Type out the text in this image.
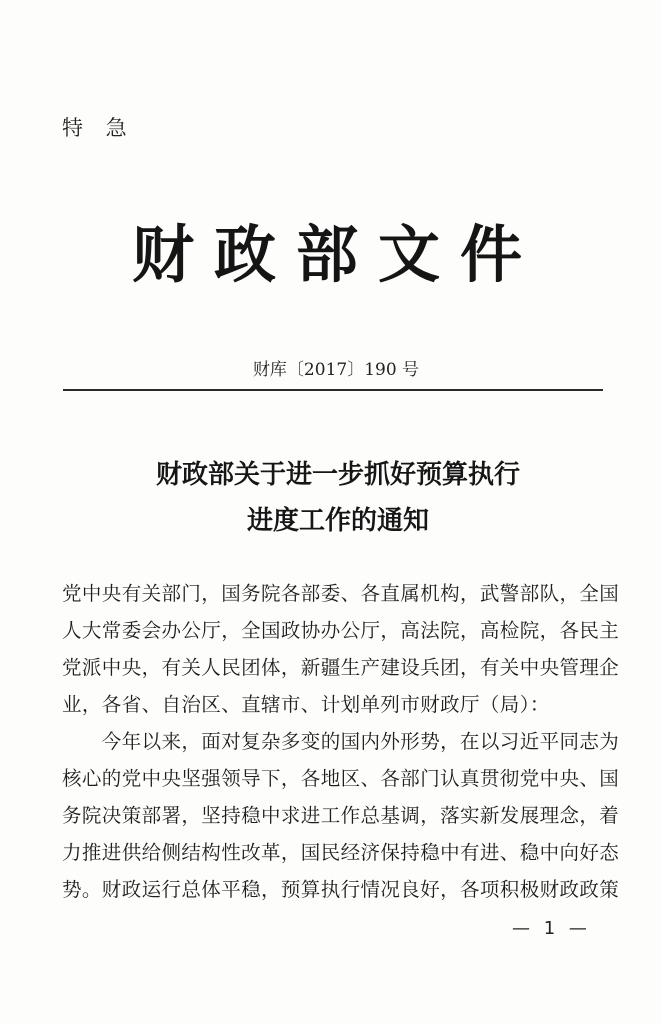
特 急
财政部文件
财库〔2017〕190 号
财政部关于进一步抓好预算执行
进度工作的通知
党中央有关部门，国务院各部委、各直属机构，武警部队，全国
人大常委会办公厅，全国政协办公厅，高法院，高检院，各民主
党派中央，有关人民团体，新疆生产建设兵团，有关中央管理企
业，各省、自治区、直辖市、计划单列市财政厅（局）：
　　今年以来，面对复杂多变的国内外形势，在以习近平同志为
核心的党中央坚强领导下，各地区、各部门认真贯彻党中央、国
务院决策部署，坚持稳中求进工作总基调，落实新发展理念，着
力推进供给侧结构性改革，国民经济保持稳中有进、稳中向好态
势。财政运行总体平稳，预算执行情况良好，各项积极财政政策
— 1 —
